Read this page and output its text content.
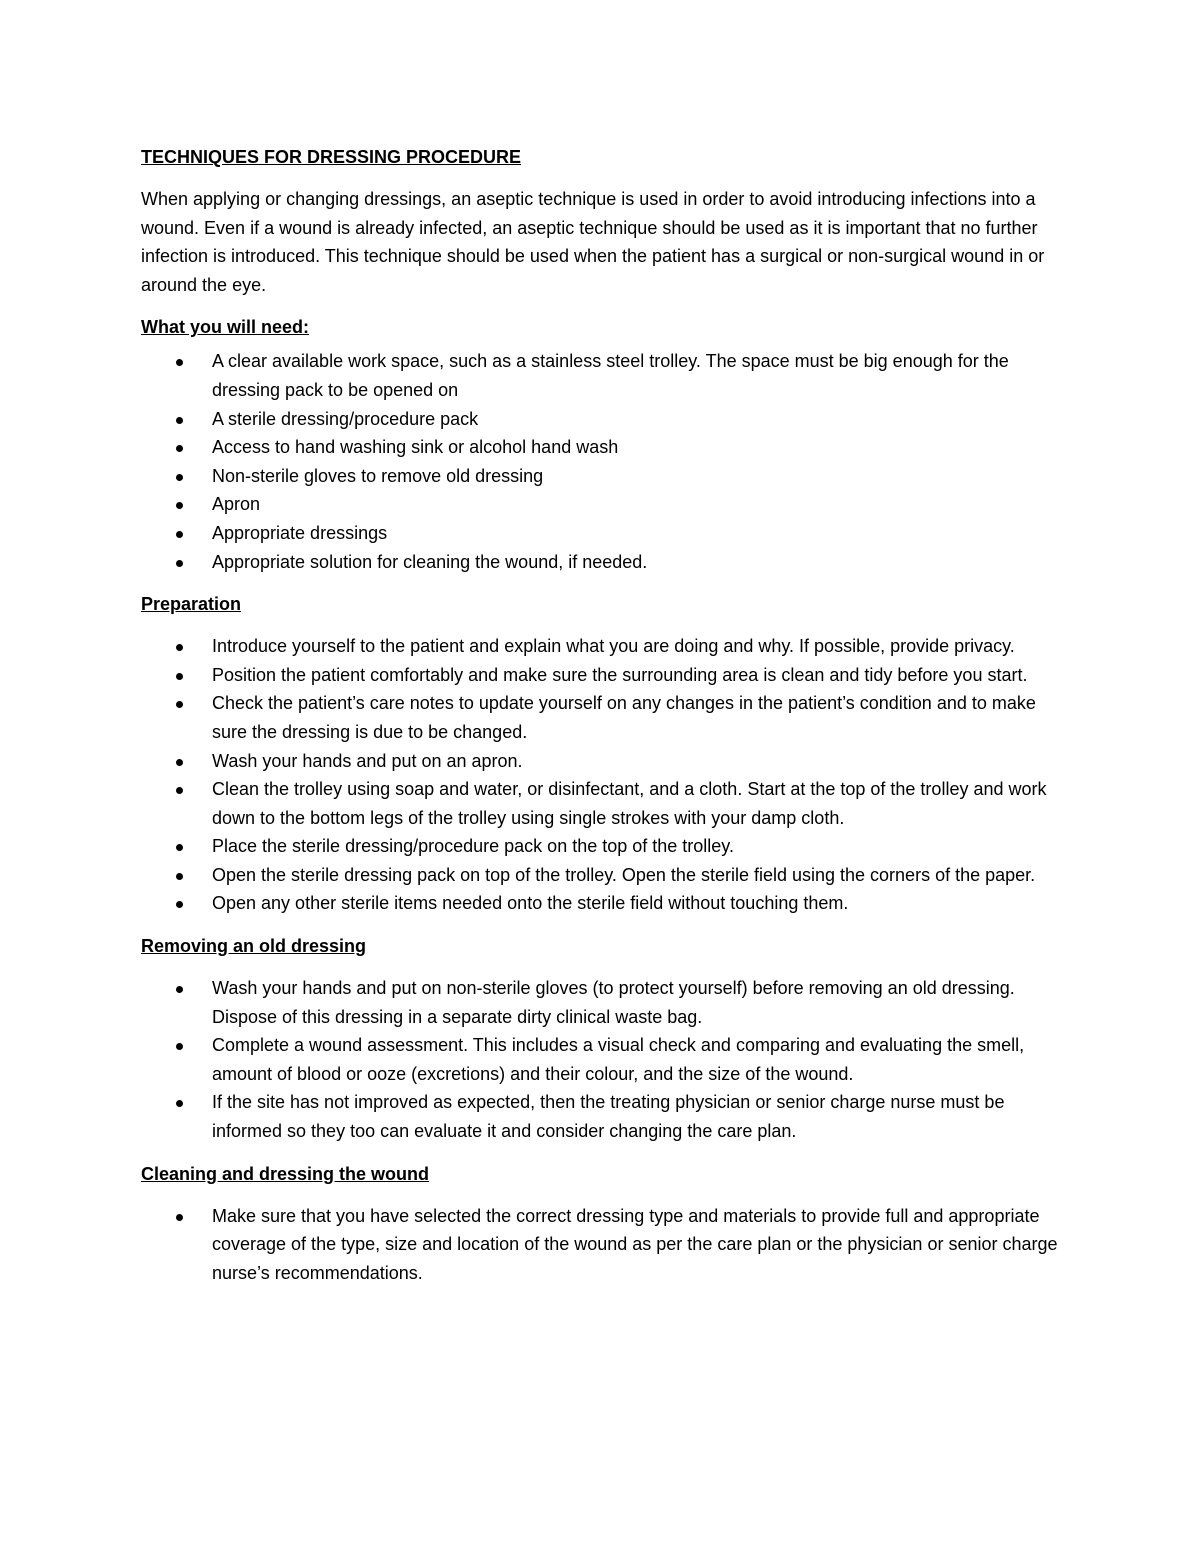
TECHNIQUES FOR DRESSING PROCEDURE

When applying or changing dressings, an aseptic technique is used in order to avoid introducing infections into a wound. Even if a wound is already infected, an aseptic technique should be used as it is important that no further infection is introduced. This technique should be used when the patient has a surgical or non-surgical wound in or around the eye.

What you will need:

A clear available work space, such as a stainless steel trolley. The space must be big enough for the dressing pack to be opened on
A sterile dressing/procedure pack
Access to hand washing sink or alcohol hand wash
Non-sterile gloves to remove old dressing
Apron
Appropriate dressings
Appropriate solution for cleaning the wound, if needed.

Preparation

Introduce yourself to the patient and explain what you are doing and why. If possible, provide privacy.
Position the patient comfortably and make sure the surrounding area is clean and tidy before you start.
Check the patient’s care notes to update yourself on any changes in the patient’s condition and to make sure the dressing is due to be changed.
Wash your hands and put on an apron.
Clean the trolley using soap and water, or disinfectant, and a cloth. Start at the top of the trolley and work down to the bottom legs of the trolley using single strokes with your damp cloth.
Place the sterile dressing/procedure pack on the top of the trolley.
Open the sterile dressing pack on top of the trolley. Open the sterile field using the corners of the paper.
Open any other sterile items needed onto the sterile field without touching them.

Removing an old dressing

Wash your hands and put on non-sterile gloves (to protect yourself) before removing an old dressing. Dispose of this dressing in a separate dirty clinical waste bag.
Complete a wound assessment. This includes a visual check and comparing and evaluating the smell, amount of blood or ooze (excretions) and their colour, and the size of the wound.
If the site has not improved as expected, then the treating physician or senior charge nurse must be informed so they too can evaluate it and consider changing the care plan.

Cleaning and dressing the wound

Make sure that you have selected the correct dressing type and materials to provide full and appropriate coverage of the type, size and location of the wound as per the care plan or the physician or senior charge nurse’s recommendations.
